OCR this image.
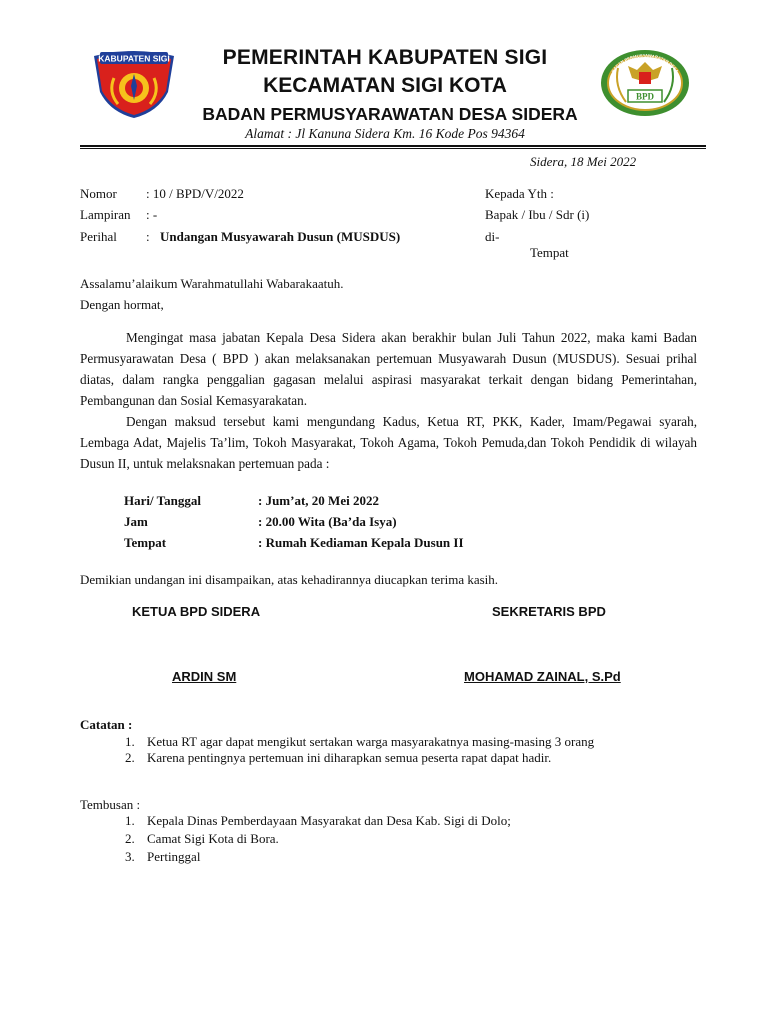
KABUPATEN SIGI
BADAN PERMUSYAWARATAN DESA
BPD
PEMERINTAH KABUPATEN SIGI
KECAMATAN SIGI KOTA
BADAN PERMUSYARAWATAN DESA SIDERA
Alamat : Jl Kanuna Sidera Km. 16 Kode Pos 94364
Sidera, 18 Mei 2022
Nomor : 10 / BPD/V/2022
Lampiran : -
Perihal : Undangan Musyawarah Dusun (MUSDUS)
Kepada Yth :
Bapak / Ibu / Sdr (i)
di-
Tempat
Assalamu’alaikum Warahmatullahi Wabarakaatuh.
Dengan hormat,

Mengingat masa jabatan Kepala Desa Sidera akan berakhir bulan Juli Tahun 2022, maka kami Badan Permusyarawatan Desa ( BPD ) akan melaksanakan pertemuan Musyawarah Dusun (MUSDUS). Sesuai prihal diatas, dalam rangka penggalian gagasan melalui aspirasi masyarakat terkait dengan bidang Pemerintahan, Pembangunan dan Sosial Kemasyarakatan.

Dengan maksud tersebut kami mengundang Kadus, Ketua RT, PKK, Kader, Imam/Pegawai syarah, Lembaga Adat, Majelis Ta’lim, Tokoh Masyarakat, Tokoh Agama, Tokoh Pemuda,dan Tokoh Pendidik di wilayah Dusun II, untuk melaksnakan pertemuan pada :

Hari/ Tanggal	: Jum’at, 20 Mei 2022
Jam	: 20.00 Wita (Ba’da Isya)
Tempat	: Rumah Kediaman Kepala Dusun II
Demikian undangan ini disampaikan, atas kehadirannya diucapkan terima kasih.
KETUA BPD SIDERA	SEKRETARIS BPD
ARDIN SM	MOHAMAD ZAINAL, S.Pd
Catatan :
1. Ketua RT agar dapat mengikut sertakan warga masyarakatnya masing-masing 3 orang
2. Karena pentingnya pertemuan ini diharapkan semua peserta rapat dapat hadir.
Tembusan :
1. Kepala Dinas Pemberdayaan Masyarakat dan Desa Kab. Sigi di Dolo;
2. Camat Sigi Kota di Bora.
3. Pertinggal
